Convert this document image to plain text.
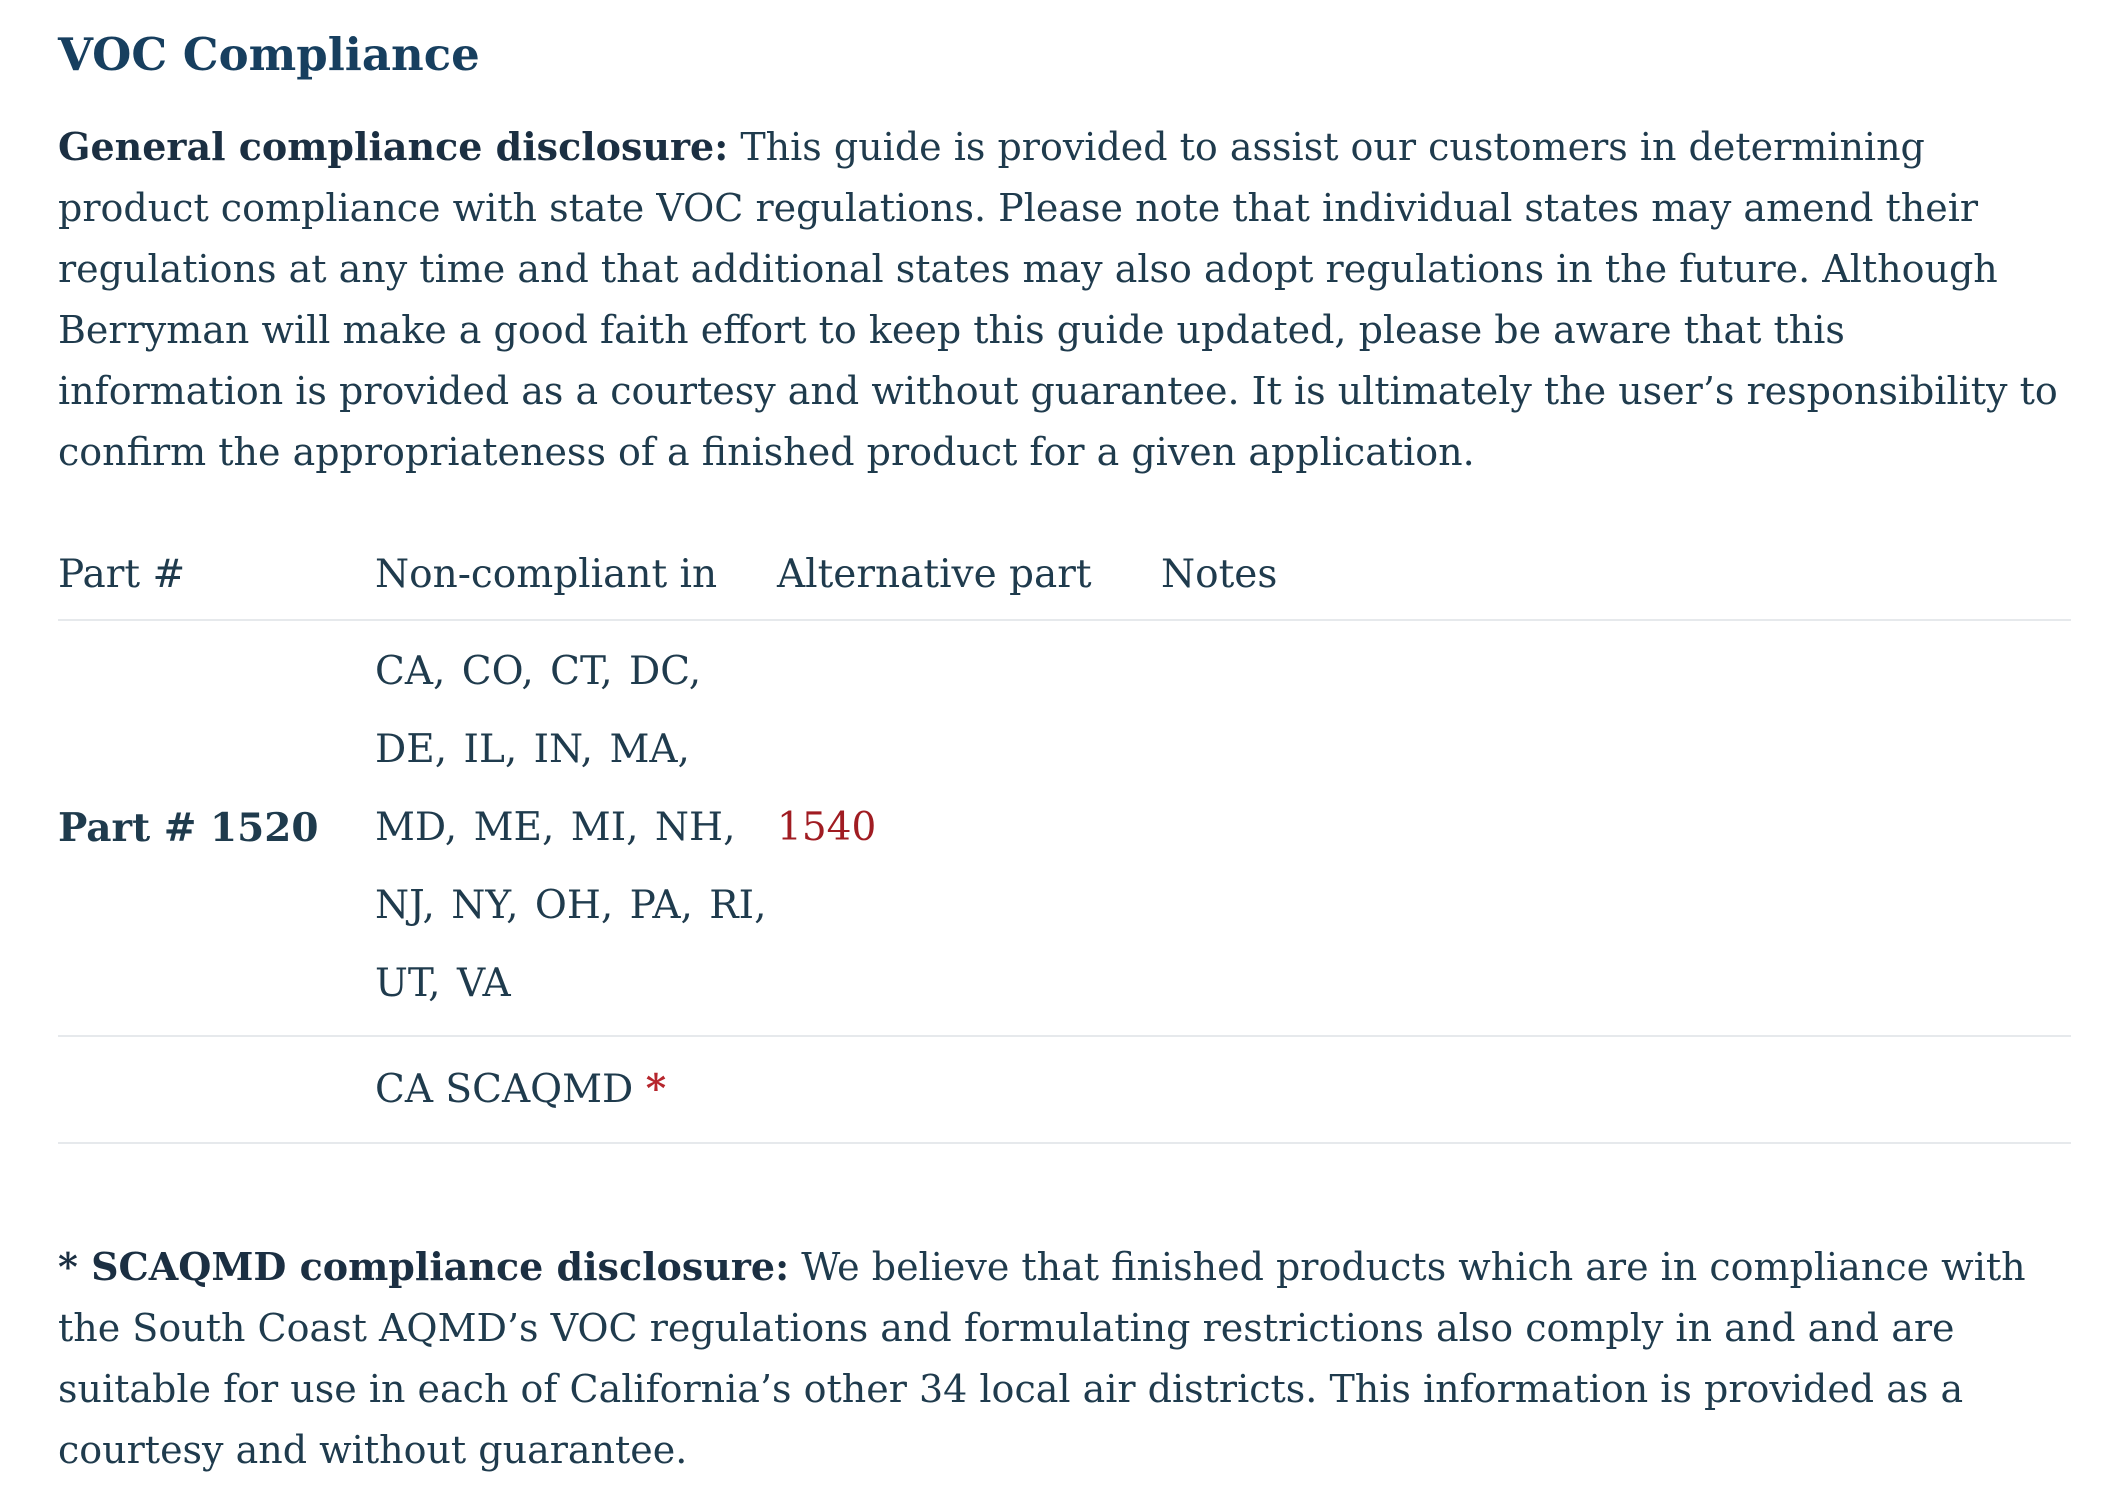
VOC Compliance

General compliance disclosure: This guide is provided to assist our customers in determining product compliance with state VOC regulations. Please note that individual states may amend their regulations at any time and that additional states may also adopt regulations in the future. Although Berryman will make a good faith effort to keep this guide updated, please be aware that this information is provided as a courtesy and without guarantee. It is ultimately the user’s responsibility to confirm the appropriateness of a finished product for a given application.

Part #	Non-compliant in	Alternative part	Notes
Part # 1520	CA, CO, CT, DC, DE, IL, IN, MA, MD, ME, MI, NH, NJ, NY, OH, PA, RI, UT, VA	1540	
	CA SCAQMD *		

* SCAQMD compliance disclosure: We believe that finished products which are in compliance with the South Coast AQMD’s VOC regulations and formulating restrictions also comply in and and are suitable for use in each of California’s other 34 local air districts. This information is provided as a courtesy and without guarantee.
